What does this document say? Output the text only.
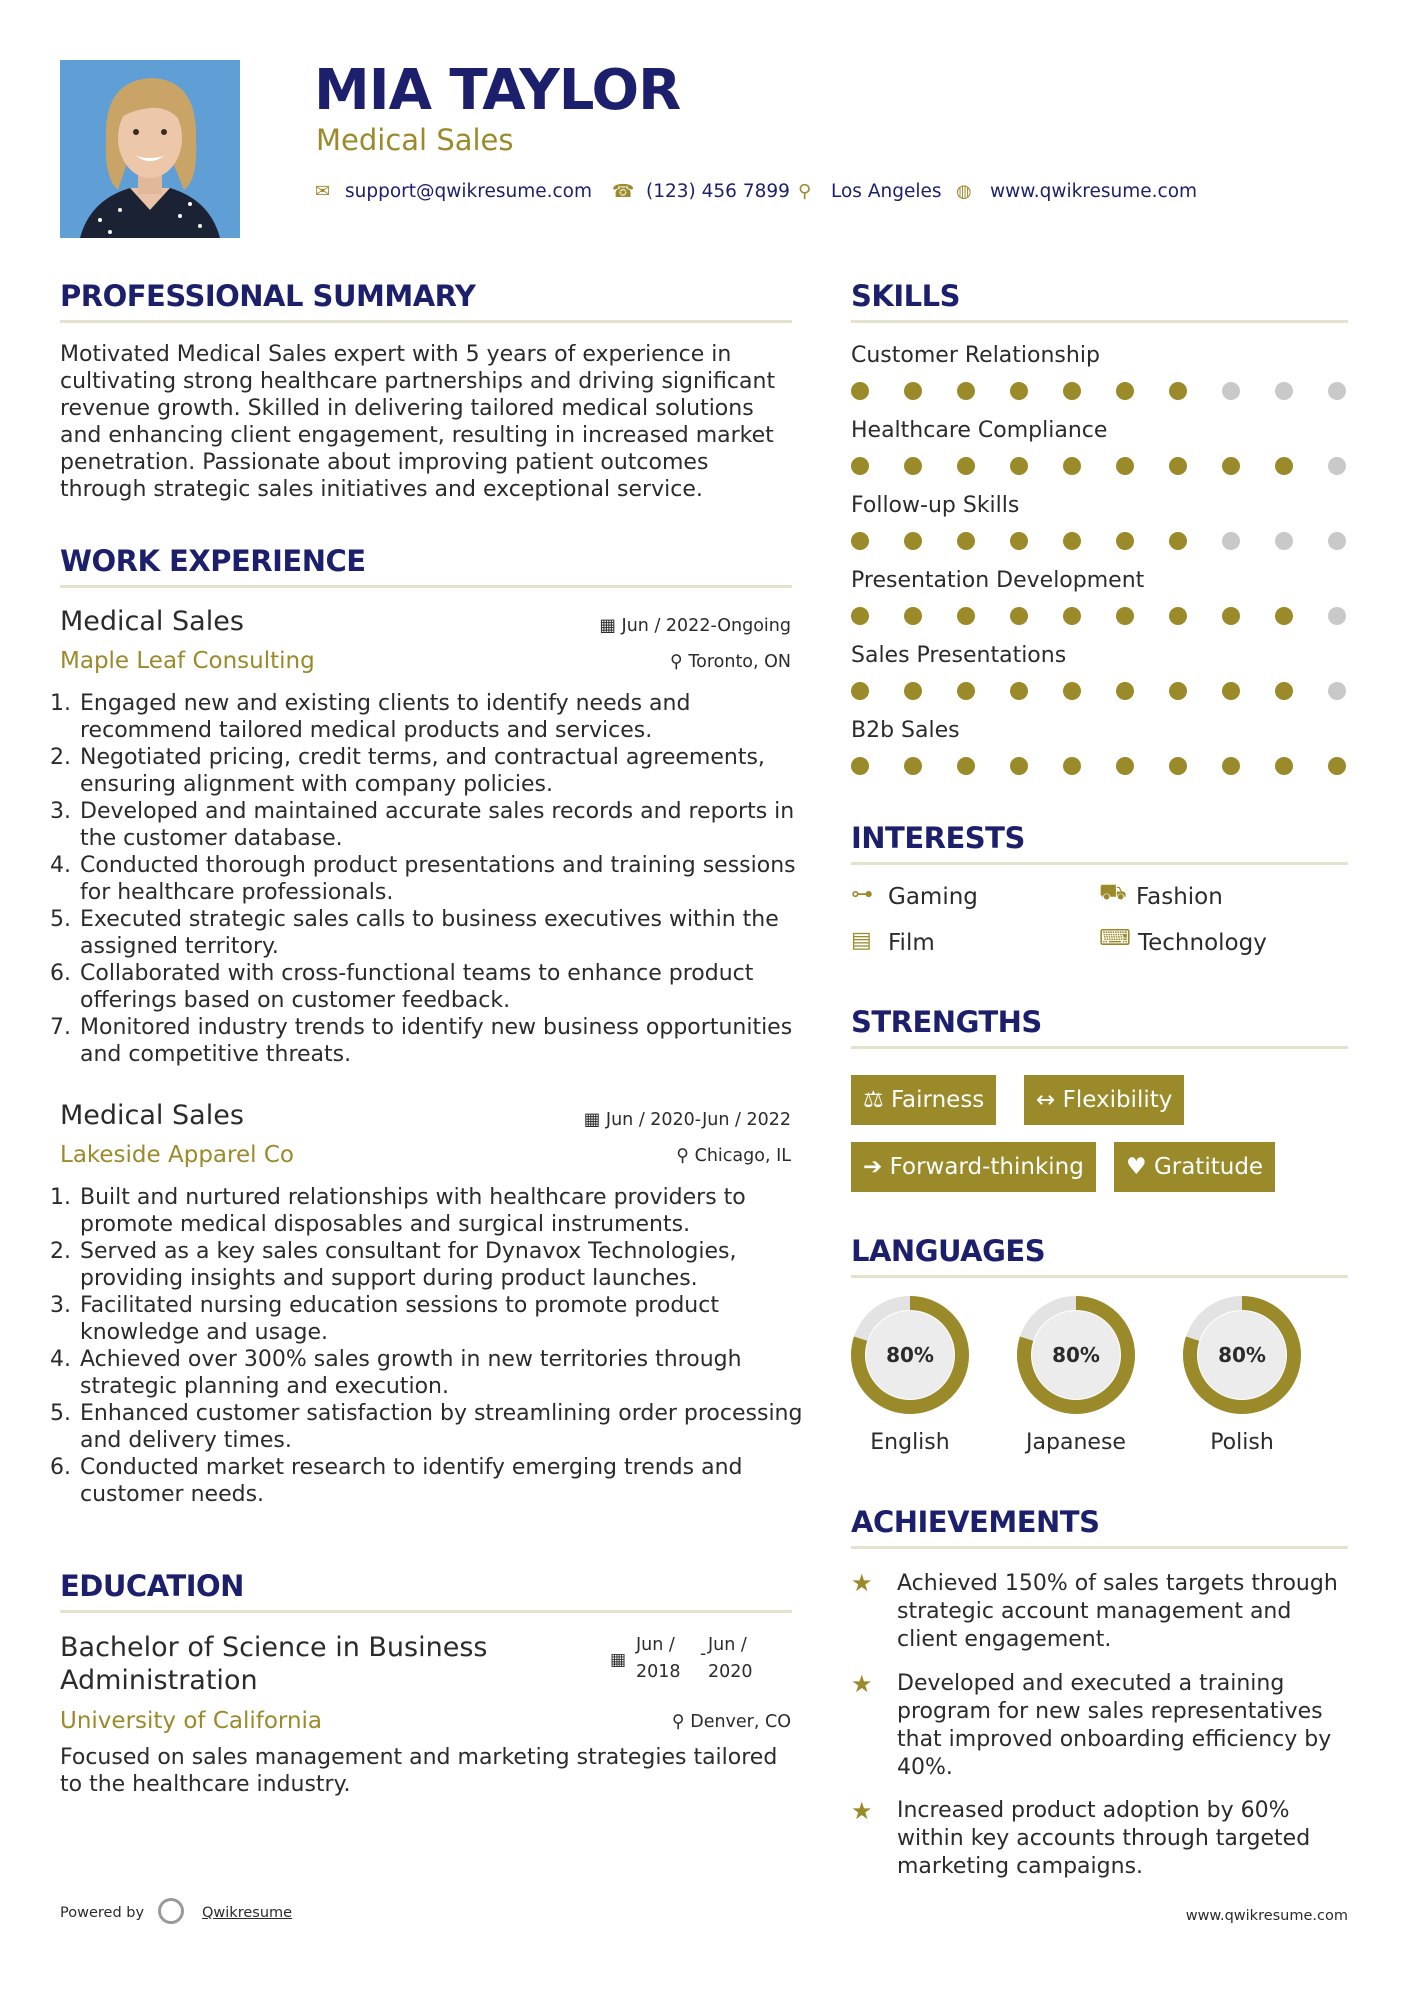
MIA TAYLOR
Medical Sales
✉ support@qwikresume.com ☎ (123) 456 7899 ⚲ Los Angeles ◍ www.qwikresume.com
PROFESSIONAL SUMMARY
Motivated Medical Sales expert with 5 years of experience in cultivating strong healthcare partnerships and driving significant revenue growth. Skilled in delivering tailored medical solutions and enhancing client engagement, resulting in increased market penetration. Passionate about improving patient outcomes through strategic sales initiatives and exceptional service.
WORK EXPERIENCE
Medical Sales	▦ Jun / 2022-Ongoing
Maple Leaf Consulting	⚲ Toronto, ON
1. Engaged new and existing clients to identify needs and recommend tailored medical products and services.
2. Negotiated pricing, credit terms, and contractual agreements, ensuring alignment with company policies.
3. Developed and maintained accurate sales records and reports in the customer database.
4. Conducted thorough product presentations and training sessions for healthcare professionals.
5. Executed strategic sales calls to business executives within the assigned territory.
6. Collaborated with cross-functional teams to enhance product offerings based on customer feedback.
7. Monitored industry trends to identify new business opportunities and competitive threats.
Medical Sales	▦ Jun / 2020-Jun / 2022
Lakeside Apparel Co	⚲ Chicago, IL
1. Built and nurtured relationships with healthcare providers to promote medical disposables and surgical instruments.
2. Served as a key sales consultant for Dynavox Technologies, providing insights and support during product launches.
3. Facilitated nursing education sessions to promote product knowledge and usage.
4. Achieved over 300% sales growth in new territories through strategic planning and execution.
5. Enhanced customer satisfaction by streamlining order processing and delivery times.
6. Conducted market research to identify emerging trends and customer needs.
EDUCATION
Bachelor of Science in Business Administration
▦
Jun / 2018
Jun / 2020
-
University of California	⚲ Denver, CO
Focused on sales management and marketing strategies tailored to the healthcare industry.
SKILLS
Customer Relationship
Healthcare Compliance
Follow-up Skills
Presentation Development
Sales Presentations
B2b Sales
INTERESTS
⊶ Gaming	⛟ Fashion
▤ Film	⌨ Technology
STRENGTHS
⚖ Fairness	↔ Flexibility
➔ Forward-thinking	♥ Gratitude
LANGUAGES
80%
English
80%
Japanese
80%
Polish
ACHIEVEMENTS
★ Achieved 150% of sales targets through strategic account management and client engagement.
★ Developed and executed a training program for new sales representatives that improved onboarding efficiency by 40%.
★ Increased product adoption by 60% within key accounts through targeted marketing campaigns.
Powered by	Qwikresume	www.qwikresume.com
